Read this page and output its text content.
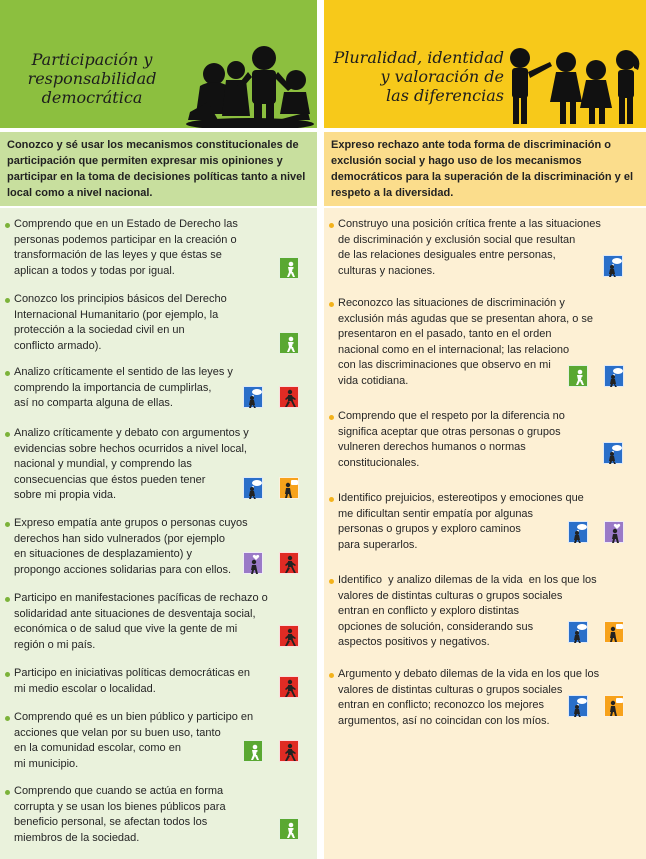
Participación y
responsabilidad
democrática
Conozco y sé usar los mecanismos constitucionales de participación que permiten expresar mis opiniones y participar en la toma de decisiones políticas tanto a nivel local como a nivel nacional.

Comprendo que en un Estado de Derecho las
personas podemos participar en la creación o
transformación de las leyes y que éstas se
aplican a todos y todas por igual.

Conozco los principios básicos del Derecho
Internacional Humanitario (por ejemplo, la
protección a la sociedad civil en un
conflicto armado).

Analizo críticamente el sentido de las leyes y
comprendo la importancia de cumplirlas,
así no comparta alguna de ellas.

Analizo críticamente y debato con argumentos y
evidencias sobre hechos ocurridos a nivel local,
nacional y mundial, y comprendo las
consecuencias que éstos pueden tener
sobre mi propia vida.

Expreso empatía ante grupos o personas cuyos
derechos han sido vulnerados (por ejemplo
en situaciones de desplazamiento) y
propongo acciones solidarias para con ellos.

Participo en manifestaciones pacíficas de rechazo o
solidaridad ante situaciones de desventaja social,
económica o de salud que vive la gente de mi
región o mi país.

Participo en iniciativas políticas democráticas en
mi medio escolar o localidad.

Comprendo qué es un bien público y participo en
acciones que velan por su buen uso, tanto
en la comunidad escolar, como en
mi municipio.

Comprendo que cuando se actúa en forma
corrupta y se usan los bienes públicos para
beneficio personal, se afectan todos los
miembros de la sociedad.

Pluralidad, identidad
y valoración de
las diferencias
Expreso rechazo ante toda forma de discriminación o exclusión social y hago uso de los mecanismos democráticos para la superación de la discriminación y el respeto a la diversidad.

Construyo una posición crítica frente a las situaciones
de discriminación y exclusión social que resultan
de las relaciones desiguales entre personas,
culturas y naciones.

Reconozco las situaciones de discriminación y
exclusión más agudas que se presentan ahora, o se
presentaron en el pasado, tanto en el orden
nacional como en el internacional; las relaciono
con las discriminaciones que observo en mi
vida cotidiana.

Comprendo que el respeto por la diferencia no
significa aceptar que otras personas o grupos
vulneren derechos humanos o normas
constitucionales.

Identifico prejuicios, estereotipos y emociones que
me dificultan sentir empatía por algunas
personas o grupos y exploro caminos
para superarlos.

Identifico  y analizo dilemas de la vida  en los que los
valores de distintas culturas o grupos sociales
entran en conflicto y exploro distintas
opciones de solución, considerando sus
aspectos positivos y negativos.

Argumento y debato dilemas de la vida en los que los
valores de distintas culturas o grupos sociales
entran en conflicto; reconozco los mejores
argumentos, así no coincidan con los míos.
